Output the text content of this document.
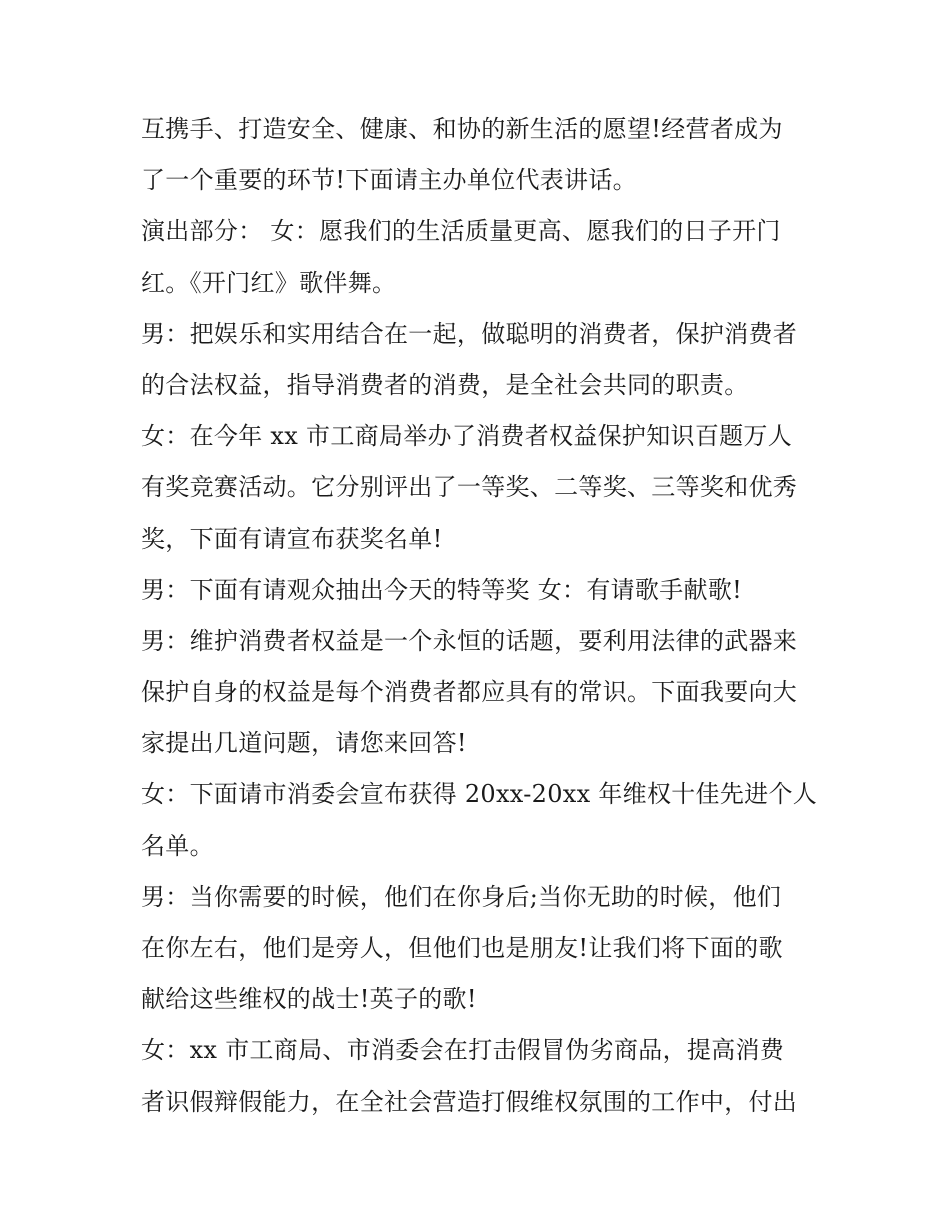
互携手、打造安全、健康、和协的新生活的愿望!经营者成为
了一个重要的环节!下面请主办单位代表讲话。
演出部分： 女：愿我们的生活质量更高、愿我们的日子开门
红。《开门红》歌伴舞。
男：把娱乐和实用结合在一起，做聪明的消费者，保护消费者
的合法权益，指导消费者的消费，是全社会共同的职责。
女：在今年 xx 市工商局举办了消费者权益保护知识百题万人
有奖竞赛活动。它分别评出了一等奖、二等奖、三等奖和优秀
奖，下面有请宣布获奖名单!
男：下面有请观众抽出今天的特等奖 女：有请歌手献歌!
男：维护消费者权益是一个永恒的话题，要利用法律的武器来
保护自身的权益是每个消费者都应具有的常识。下面我要向大
家提出几道问题，请您来回答!
女：下面请市消委会宣布获得 20xx-20xx 年维权十佳先进个人
名单。
男：当你需要的时候，他们在你身后;当你无助的时候，他们
在你左右，他们是旁人，但他们也是朋友!让我们将下面的歌
献给这些维权的战士!英子的歌!
女：xx 市工商局、市消委会在打击假冒伪劣商品，提高消费
者识假辩假能力，在全社会营造打假维权氛围的工作中，付出
